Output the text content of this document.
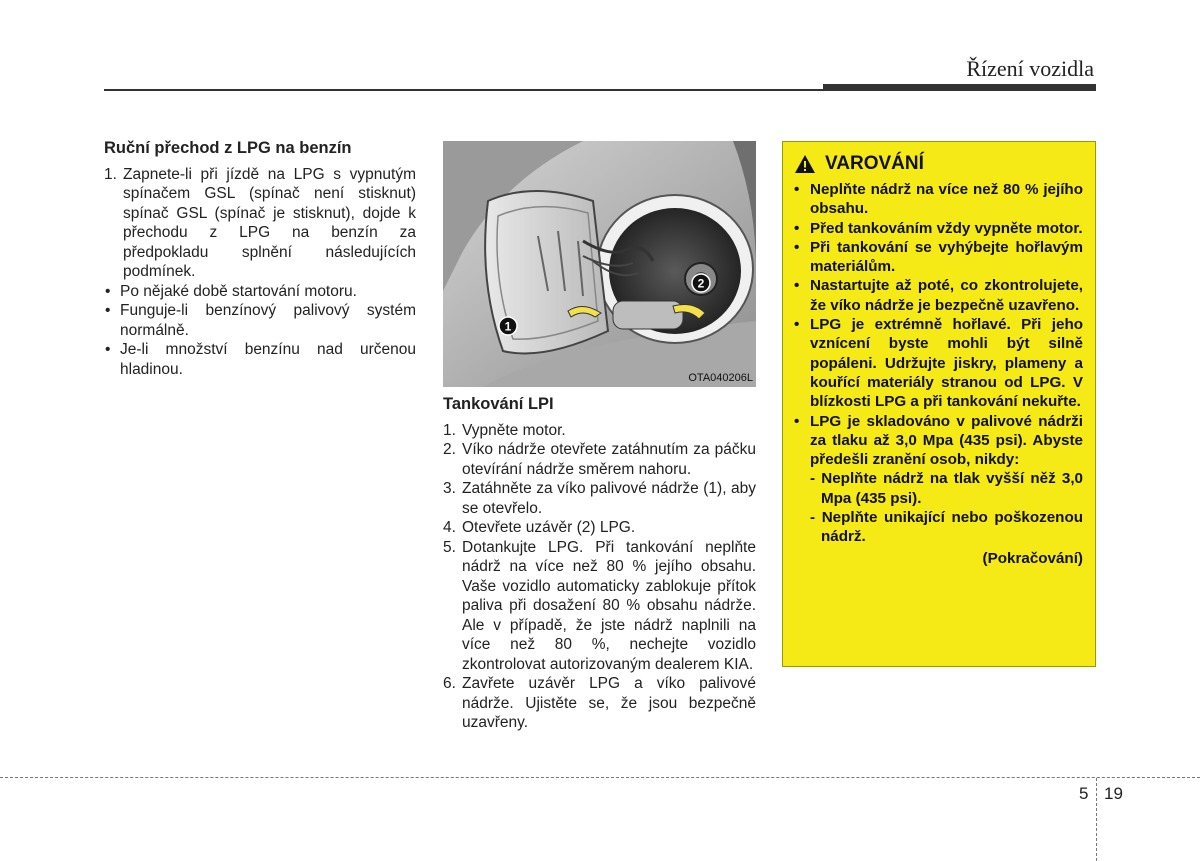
Řízení vozidla
Ruční přechod z LPG na benzín
1. Zapnete-li při jízdě na LPG s vypnutým spínačem GSL (spínač není stisknut) spínač GSL (spínač je stisknut), dojde k přechodu z LPG na benzín za předpokladu splnění následujících podmínek.
• Po nějaké době startování motoru.
• Funguje-li benzínový palivový systém normálně.
• Je-li množství benzínu nad určenou hladinou.
1
2
OTA040206L
Tankování LPI
1. Vypněte motor.
2. Víko nádrže otevřete zatáhnutím za páčku otevírání nádrže směrem nahoru.
3. Zatáhněte za víko palivové nádrže (1), aby se otevřelo.
4. Otevřete uzávěr (2) LPG.
5. Dotankujte LPG. Při tankování neplňte nádrž na více než 80 % jejího obsahu. Vaše vozidlo automaticky zablokuje přítok paliva při dosažení 80 % obsahu nádrže. Ale v případě, že jste nádrž naplnili na více než 80 %, nechejte vozidlo zkontrolovat autorizovaným dealerem KIA.
6. Zavřete uzávěr LPG a víko palivové nádrže. Ujistěte se, že jsou bezpečně uzavřeny.
VAROVÁNÍ
• Neplňte nádrž na více než 80 % jejího obsahu.
• Před tankováním vždy vypněte motor.
• Při tankování se vyhýbejte hořlavým materiálům.
• Nastartujte až poté, co zkontrolujete, že víko nádrže je bezpečně uzavřeno.
• LPG je extrémně hořlavé. Při jeho vznícení byste mohli být silně popáleni. Udržujte jiskry, plameny a kouřící materiály stranou od LPG. V blízkosti LPG a při tankování nekuřte.
• LPG je skladováno v palivové nádrži za tlaku až 3,0 Mpa (435 psi). Abyste předešli zranění osob, nikdy:
- Neplňte nádrž na tlak vyšší něž 3,0 Mpa (435 psi).
- Neplňte unikající nebo poškozenou nádrž.
(Pokračování)
5 19
